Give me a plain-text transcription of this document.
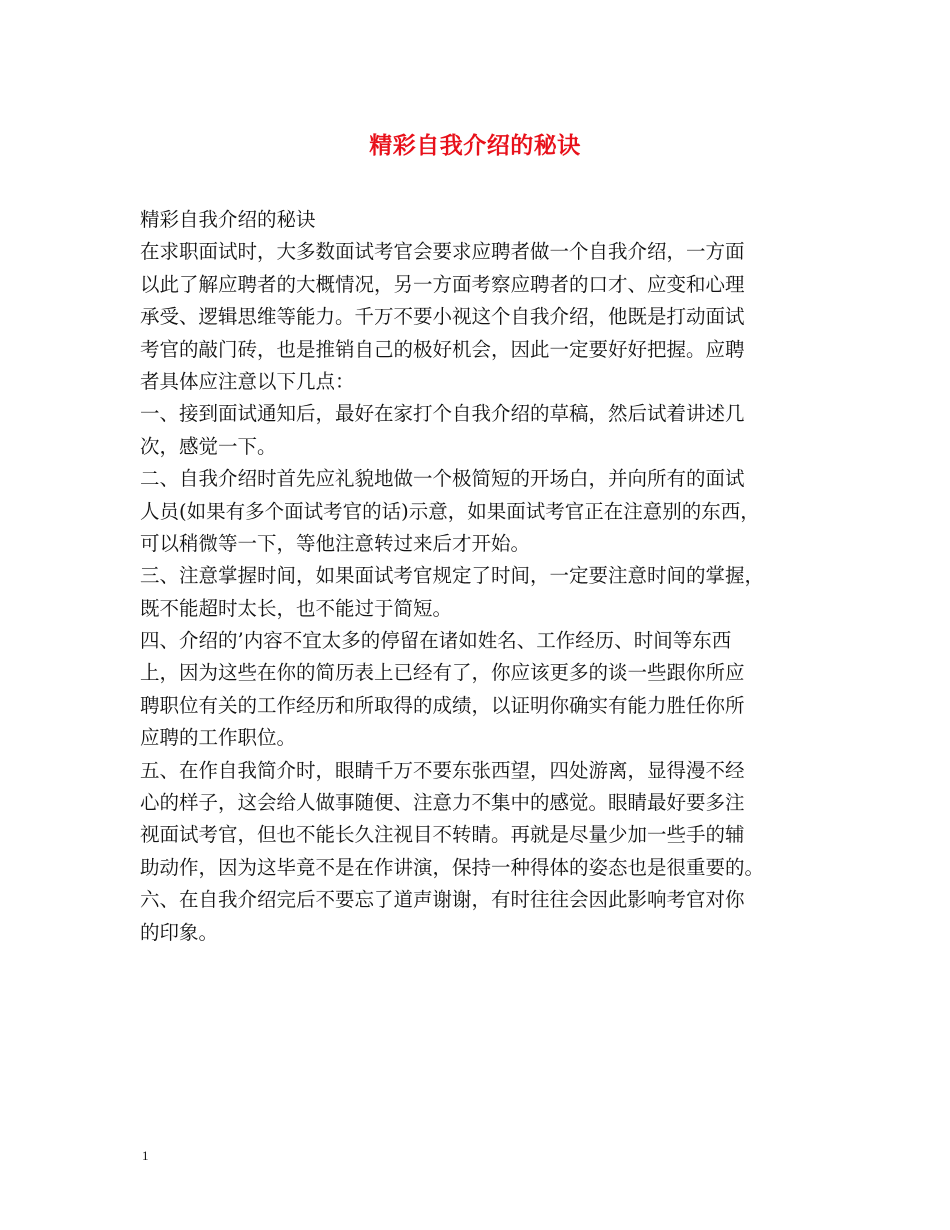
精彩自我介绍的秘诀
精彩自我介绍的秘诀
在求职面试时，大多数面试考官会要求应聘者做一个自我介绍，一方面
以此了解应聘者的大概情况，另一方面考察应聘者的口才、应变和心理
承受、逻辑思维等能力。千万不要小视这个自我介绍，他既是打动面试
考官的敲门砖，也是推销自己的极好机会，因此一定要好好把握。应聘
者具体应注意以下几点：
一、接到面试通知后，最好在家打个自我介绍的草稿，然后试着讲述几
次，感觉一下。
二、自我介绍时首先应礼貌地做一个极简短的开场白，并向所有的面试
人员(如果有多个面试考官的话)示意，如果面试考官正在注意别的东西，
可以稍微等一下，等他注意转过来后才开始。
三、注意掌握时间，如果面试考官规定了时间，一定要注意时间的掌握，
既不能超时太长，也不能过于简短。
四、介绍的’内容不宜太多的停留在诸如姓名、工作经历、时间等东西
上，因为这些在你的简历表上已经有了，你应该更多的谈一些跟你所应
聘职位有关的工作经历和所取得的成绩，以证明你确实有能力胜任你所
应聘的工作职位。
五、在作自我简介时，眼睛千万不要东张西望，四处游离，显得漫不经
心的样子，这会给人做事随便、注意力不集中的感觉。眼睛最好要多注
视面试考官，但也不能长久注视目不转睛。再就是尽量少加一些手的辅
助动作，因为这毕竟不是在作讲演，保持一种得体的姿态也是很重要的。
六、在自我介绍完后不要忘了道声谢谢，有时往往会因此影响考官对你
的印象。
1
